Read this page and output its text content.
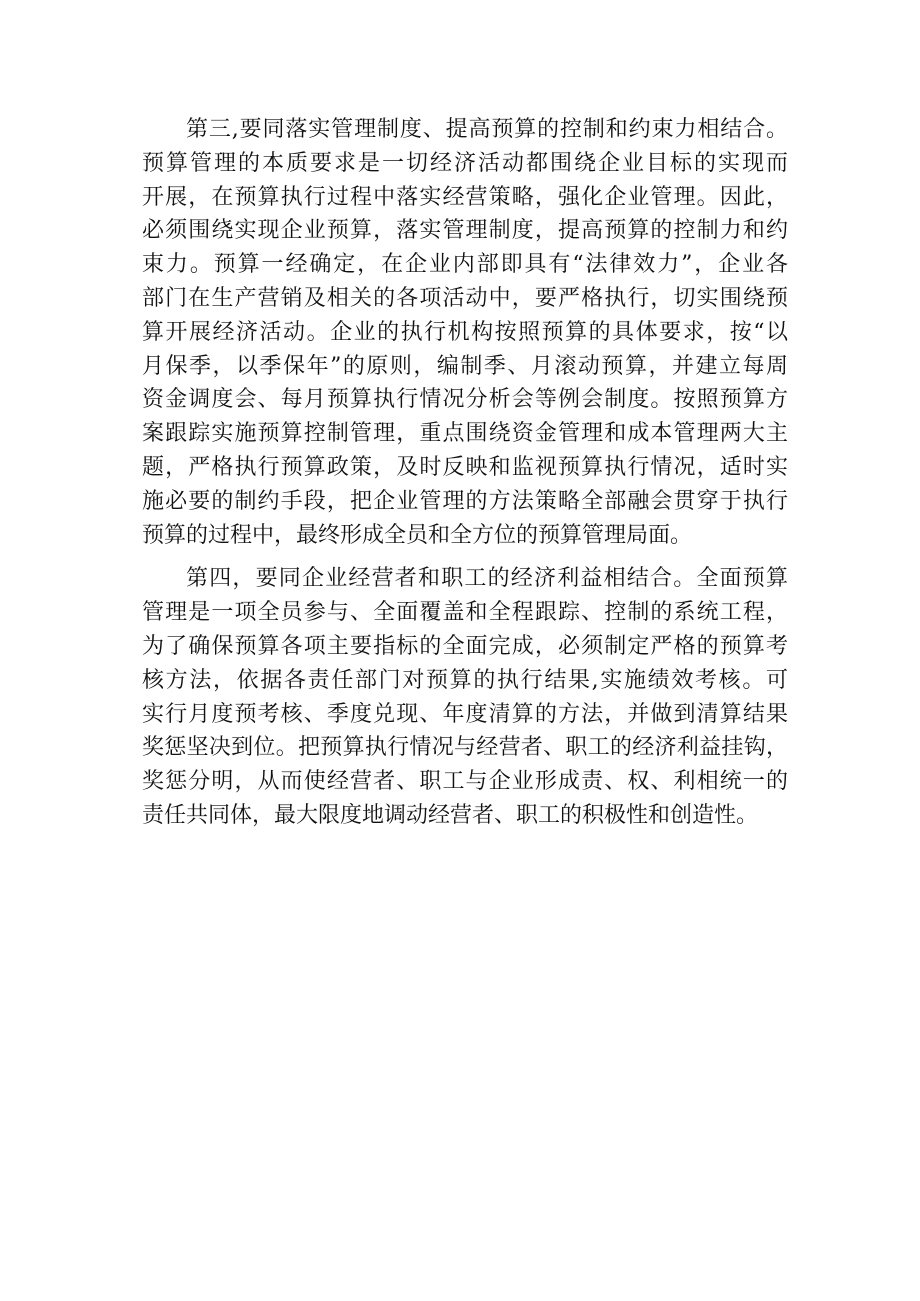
第三,要同落实管理制度、提高预算的控制和约束力相结合。
预算管理的本质要求是一切经济活动都围绕企业目标的实现而
开展，在预算执行过程中落实经营策略，强化企业管理。因此，
必须围绕实现企业预算，落实管理制度，提高预算的控制力和约
束力。预算一经确定，在企业内部即具有“法律效力”，企业各
部门在生产营销及相关的各项活动中，要严格执行，切实围绕预
算开展经济活动。企业的执行机构按照预算的具体要求，按“以
月保季，以季保年”的原则，编制季、月滚动预算，并建立每周
资金调度会、每月预算执行情况分析会等例会制度。按照预算方
案跟踪实施预算控制管理，重点围绕资金管理和成本管理两大主
题，严格执行预算政策，及时反映和监视预算执行情况，适时实
施必要的制约手段，把企业管理的方法策略全部融会贯穿于执行
预算的过程中，最终形成全员和全方位的预算管理局面。
第四，要同企业经营者和职工的经济利益相结合。全面预算
管理是一项全员参与、全面覆盖和全程跟踪、控制的系统工程，
为了确保预算各项主要指标的全面完成，必须制定严格的预算考
核方法，依据各责任部门对预算的执行结果,实施绩效考核。可
实行月度预考核、季度兑现、年度清算的方法，并做到清算结果
奖惩坚决到位。把预算执行情况与经营者、职工的经济利益挂钩，
奖惩分明，从而使经营者、职工与企业形成责、权、利相统一的
责任共同体，最大限度地调动经营者、职工的积极性和创造性。
